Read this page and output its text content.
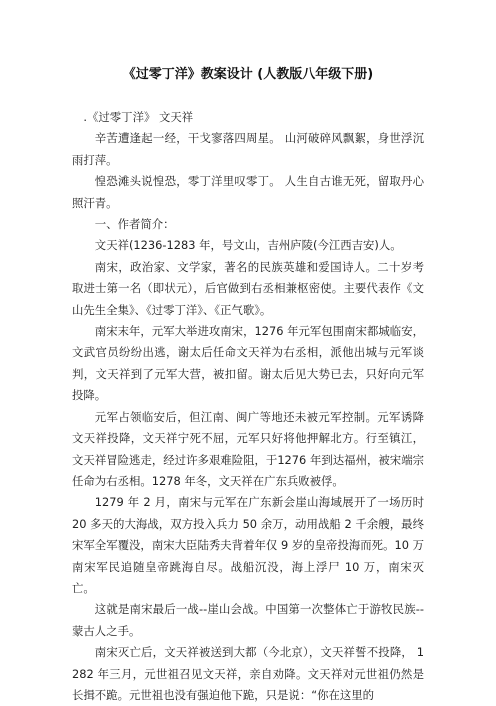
《过零丁洋》教案设计 (人教版八年级下册)

.《过零丁洋》 文天祥

辛苦遭逢起一经，干戈寥落四周星。 山河破碎风飘絮，身世浮沉雨打萍。

惶恐滩头说惶恐，零丁洋里叹零丁。 人生自古谁无死，留取丹心照汗青。

一、作者简介：

文天祥(1236-1283 年，号文山，吉州庐陵(今江西吉安)人。

南宋，政治家、文学家，著名的民族英雄和爱国诗人。二十岁考取进士第一名（即状元），后官做到右丞相兼枢密使。主要代表作《文山先生全集》、《过零丁洋》、《正气歌》。

南宋末年，元军大举进攻南宋，1276 年元军包围南宋都城临安，文武官员纷纷出逃，谢太后任命文天祥为右丞相，派他出城与元军谈判，文天祥到了元军大营，被扣留。谢太后见大势已去，只好向元军投降。

元军占领临安后，但江南、闽广等地还未被元军控制。元军诱降文天祥投降，文天祥宁死不屈，元军只好将他押解北方。行至镇江，文天祥冒险逃走，经过许多艰难险阻，于1276 年到达福州，被宋端宗任命为右丞相。1278 年冬，文天祥在广东兵败被俘。

1279 年 2 月，南宋与元军在广东新会崖山海域展开了一场历时 20 多天的大海战，双方投入兵力 50 余万，动用战船 2 千余艘，最终宋军全军覆没，南宋大臣陆秀夫背着年仅 9 岁的皇帝投海而死。10 万南宋军民追随皇帝跳海自尽。战船沉没，海上浮尸 10 万，南宋灭亡。

这就是南宋最后一战--崖山会战。中国第一次整体亡于游牧民族--蒙古人之手。

南宋灭亡后，文天祥被送到大都（今北京），文天祥誓不投降， 1282 年三月，元世祖召见文天祥，亲自劝降。文天祥对元世祖仍然是长揖不跪。元世祖也没有强迫他下跪，只是说：“你在这里的
